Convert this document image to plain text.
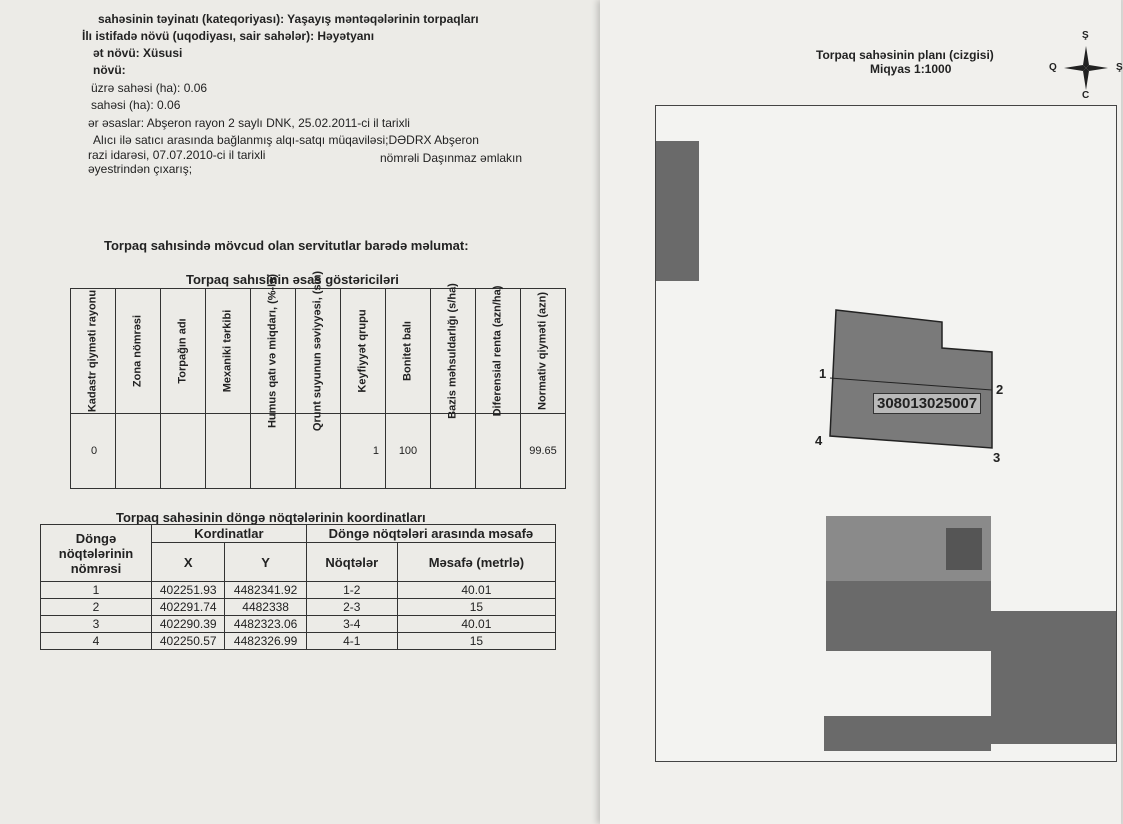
sahəsinin təyinatı (kateqoriyası): Yaşayış məntəqələrinin torpaqları
İlı istifadə növü (uqodiyası, sair sahələr): Həyətyanı
ət növü: Xüsusi
növü:
üzrə sahəsi (ha): 0.06
sahəsi (ha): 0.06
ər əsaslar: Abşeron rayon 2 saylı DNK, 25.02.2011-ci il tarixli
Alıcı ilə satıcı arasında bağlanmış alqı-satqı müqaviləsi;DƏDRX Abşeron
razi idarəsi, 07.07.2010-ci il tarixli	nömrəli Daşınmaz əmlakın
əyestrindən çıxarış;
Torpaq sahısində mövcud olan servitutlar barədə məlumat:
Torpaq sahısinin əsas göstəriciləri
Kadastr qiyməti rayonu	Zona nömrəsi	Torpağın adı	Mexaniki tərkibi	Humus qatı və miqdarı, (%-lə)	Qrunt suyunun səviyyəsi, (sm)	Keyfiyyət qrupu	Bonitet balı	Bazis məhsuldarlığı (s/ha)	Diferensial renta (azn/ha)	Normativ qiyməti (azn)

0						1	100			99.65
Torpaq sahəsinin döngə nöqtələrinin koordinatları
Döngə nöqtələrinin nömrəsi	Kordinatlar		Döngə nöqtələri arasında məsafə	
	X	Y	Nöqtələr	Məsafə (metrlə)
1	402251.93	4482341.92	1-2	40.01
2	402291.74	4482338	2-3	15
3	402290.39	4482323.06	3-4	40.01
4	402250.57	4482326.99	4-1	15
Torpaq sahəsinin planı (cizgisi)
Miqyas 1:1000
Ş
C
Q	Ş
308013025007
1
2
3
4
